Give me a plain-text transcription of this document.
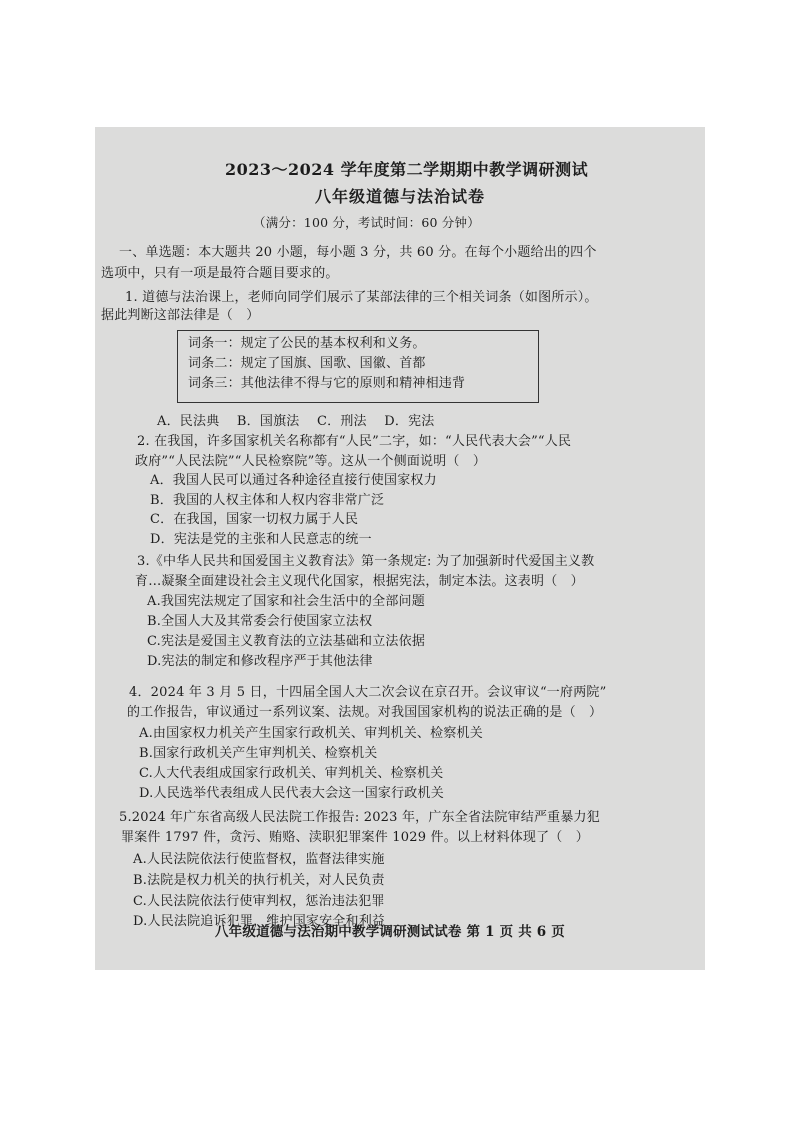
2023～2024 学年度第二学期期中教学调研测试
八年级道德与法治试卷
（满分：100 分，考试时间：60 分钟）
一、单选题：本大题共 20 小题，每小题 3 分，共 60 分。在每个小题给出的四个
选项中，只有一项是最符合题目要求的。
1. 道德与法治课上，老师向同学们展示了某部法律的三个相关词条（如图所示）。
据此判断这部法律是（　）
词条一：规定了公民的基本权利和义务。
词条二：规定了国旗、国歌、国徽、首都
词条三：其他法律不得与它的原则和精神相违背
A．民法典　 B．国旗法　 C．刑法　 D．宪法
2. 在我国，许多国家机关名称都有“人民”二字，如：“人民代表大会”“人民
政府”“人民法院”“人民检察院”等。这从一个侧面说明（　）
A．我国人民可以通过各种途径直接行使国家权力
B．我国的人权主体和人权内容非常广泛
C．在我国，国家一切权力属于人民
D．宪法是党的主张和人民意志的统一
3.《中华人民共和国爱国主义教育法》第一条规定: 为了加强新时代爱国主义教
育…凝聚全面建设社会主义现代化国家，根据宪法，制定本法。这表明（　）
A.我国宪法规定了国家和社会生活中的全部问题
B.全国人大及其常委会行使国家立法权
C.宪法是爱国主义教育法的立法基础和立法依据
D.宪法的制定和修改程序严于其他法律
4．2024 年 3 月 5 日，十四届全国人大二次会议在京召开。会议审议“一府两院”
的工作报告，审议通过一系列议案、法规。对我国国家机构的说法正确的是（　）
A.由国家权力机关产生国家行政机关、审判机关、检察机关
B.国家行政机关产生审判机关、检察机关
C.人大代表组成国家行政机关、审判机关、检察机关
D.人民选举代表组成人民代表大会这一国家行政机关
5.2024 年广东省高级人民法院工作报告: 2023 年，广东全省法院审结严重暴力犯
罪案件 1797 件，贪污、贿赂、渎职犯罪案件 1029 件。以上材料体现了（　）
A.人民法院依法行使监督权，监督法律实施
B.法院是权力机关的执行机关，对人民负责
C.人民法院依法行使审判权，惩治违法犯罪
D.人民法院追诉犯罪，维护国家安全和利益
八年级道德与法治期中教学调研测试试卷 第 1 页 共 6 页
